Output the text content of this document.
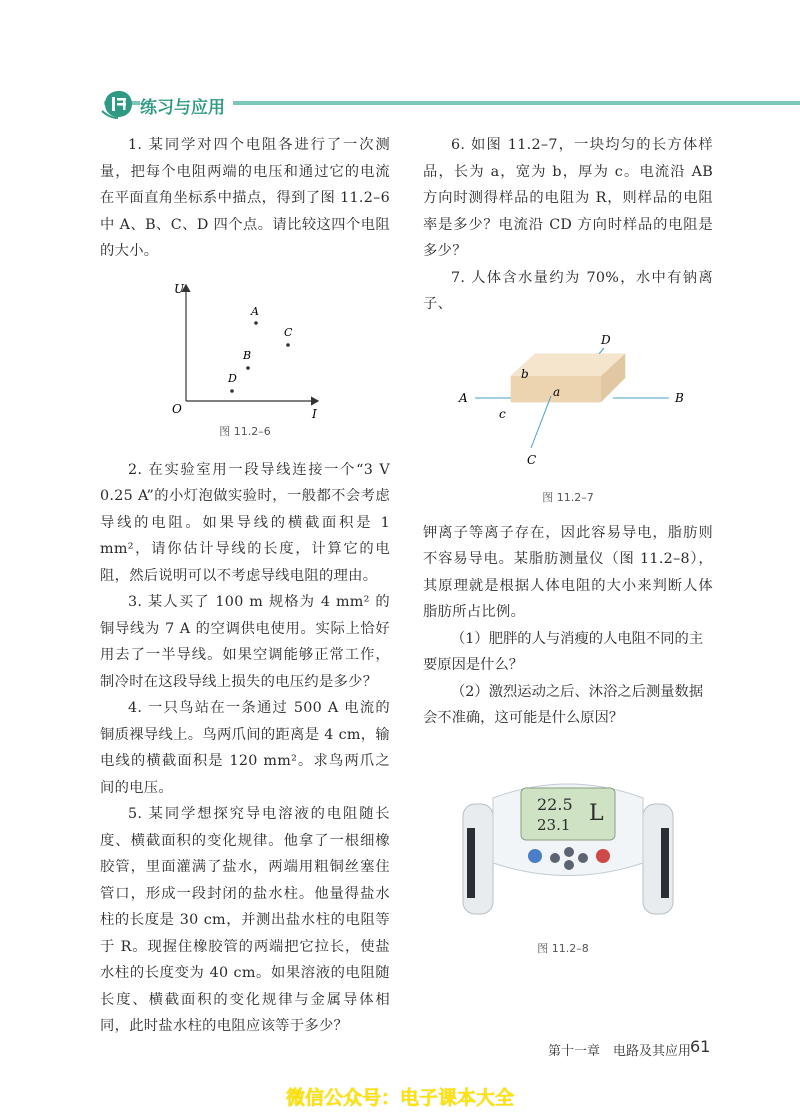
练习与应用

1. 某同学对四个电阻各进行了一次测量，把每个电阻两端的电压和通过它的电流在平面直角坐标系中描点，得到了图 11.2–6 中 A、B、C、D 四个点。请比较这四个电阻的大小。

U
I
O
A
B
C
D
图 11.2–6

2. 在实验室用一段导线连接一个“3 V 0.25 A”的小灯泡做实验时，一般都不会考虑导线的电阻。如果导线的横截面积是 1 mm²，请你估计导线的长度，计算它的电阻，然后说明可以不考虑导线电阻的理由。

3. 某人买了 100 m 规格为 4 mm² 的铜导线为 7 A 的空调供电使用。实际上恰好用去了一半导线。如果空调能够正常工作，制冷时在这段导线上损失的电压约是多少？

4. 一只鸟站在一条通过 500 A 电流的铜质裸导线上。鸟两爪间的距离是 4 cm，输电线的横截面积是 120 mm²。求鸟两爪之间的电压。

5. 某同学想探究导电溶液的电阻随长度、横截面积的变化规律。他拿了一根细橡胶管，里面灌满了盐水，两端用粗铜丝塞住管口，形成一段封闭的盐水柱。他量得盐水柱的长度是 30 cm，并测出盐水柱的电阻等于 R。现握住橡胶管的两端把它拉长，使盐水柱的长度变为 40 cm。如果溶液的电阻随长度、横截面积的变化规律与金属导体相同，此时盐水柱的电阻应该等于多少？

6. 如图 11.2–7，一块均匀的长方体样品，长为 a，宽为 b，厚为 c。电流沿 AB 方向时测得样品的电阻为 R，则样品的电阻率是多少？电流沿 CD 方向时样品的电阻是多少？

7. 人体含水量约为 70%，水中有钠离子、

A	B
C
D
a
b
c
图 11.2–7

钾离子等离子存在，因此容易导电，脂肪则不容易导电。某脂肪测量仪（图 11.2–8），其原理就是根据人体电阻的大小来判断人体脂肪所占比例。

（1）肥胖的人与消瘦的人电阻不同的主要原因是什么？

（2）激烈运动之后、沐浴之后测量数据会不准确，这可能是什么原因？

22.5
23.1 L
图 11.2–8
第十一章　电路及其应用
61
微信公众号：电子课本大全
